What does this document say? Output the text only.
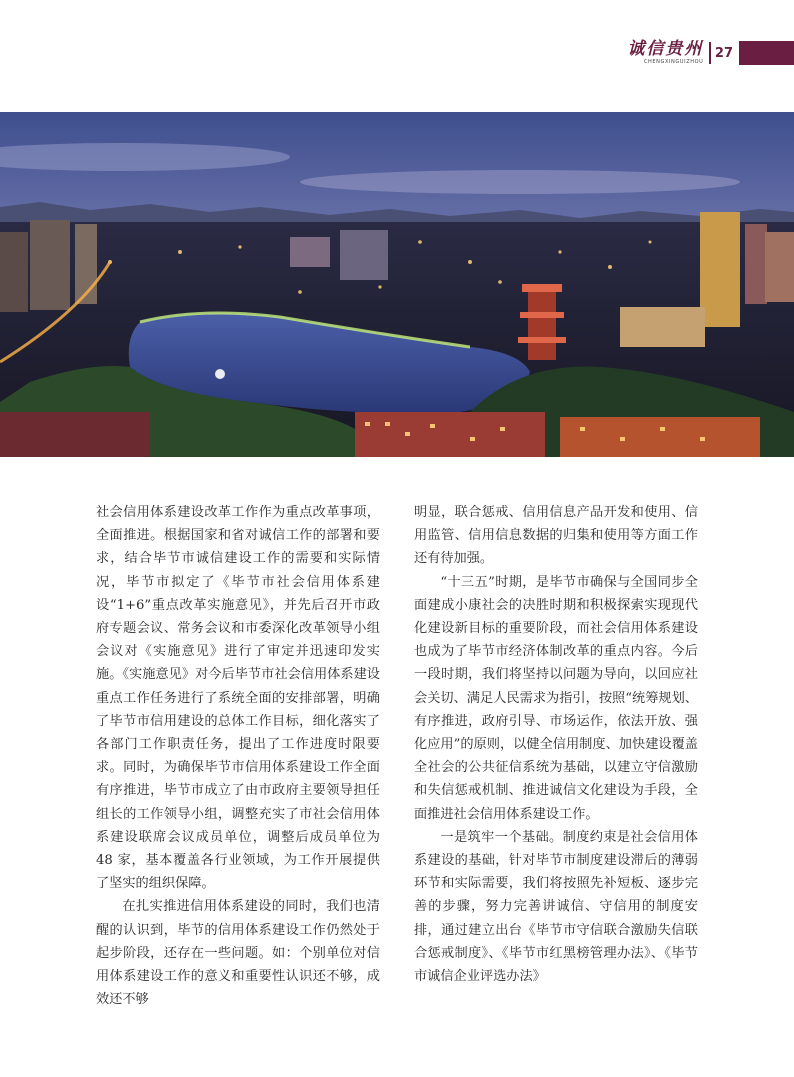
诚信贵州
CHENGXINGUIZHOU
27

社会信用体系建设改革工作作为重点改革事项，全面推进。根据国家和省对诚信工作的部署和要求，结合毕节市诚信建设工作的需要和实际情况，毕节市拟定了《毕节市社会信用体系建设“1+6”重点改革实施意见》，并先后召开市政府专题会议、常务会议和市委深化改革领导小组会议对《实施意见》进行了审定并迅速印发实施。《实施意见》对今后毕节市社会信用体系建设重点工作任务进行了系统全面的安排部署，明确了毕节市信用建设的总体工作目标，细化落实了各部门工作职责任务，提出了工作进度时限要求。同时，为确保毕节市信用体系建设工作全面有序推进，毕节市成立了由市政府主要领导担任组长的工作领导小组，调整充实了市社会信用体系建设联席会议成员单位，调整后成员单位为 48 家，基本覆盖各行业领域，为工作开展提供了坚实的组织保障。

在扎实推进信用体系建设的同时，我们也清醒的认识到，毕节的信用体系建设工作仍然处于起步阶段，还存在一些问题。如：个别单位对信用体系建设工作的意义和重要性认识还不够，成效还不够

明显，联合惩戒、信用信息产品开发和使用、信用监管、信用信息数据的归集和使用等方面工作还有待加强。

“十三五”时期，是毕节市确保与全国同步全面建成小康社会的决胜时期和积极探索实现现代化建设新目标的重要阶段，而社会信用体系建设也成为了毕节市经济体制改革的重点内容。今后一段时期，我们将坚持以问题为导向，以回应社会关切、满足人民需求为指引，按照“统筹规划、有序推进，政府引导、市场运作，依法开放、强化应用”的原则，以健全信用制度、加快建设覆盖全社会的公共征信系统为基础，以建立守信激励和失信惩戒机制、推进诚信文化建设为手段，全面推进社会信用体系建设工作。

一是筑牢一个基础。制度约束是社会信用体系建设的基础，针对毕节市制度建设滞后的薄弱环节和实际需要，我们将按照先补短板、逐步完善的步骤，努力完善讲诚信、守信用的制度安排，通过建立出台《毕节市守信联合激励失信联合惩戒制度》、《毕节市红黑榜管理办法》、《毕节市诚信企业评选办法》
